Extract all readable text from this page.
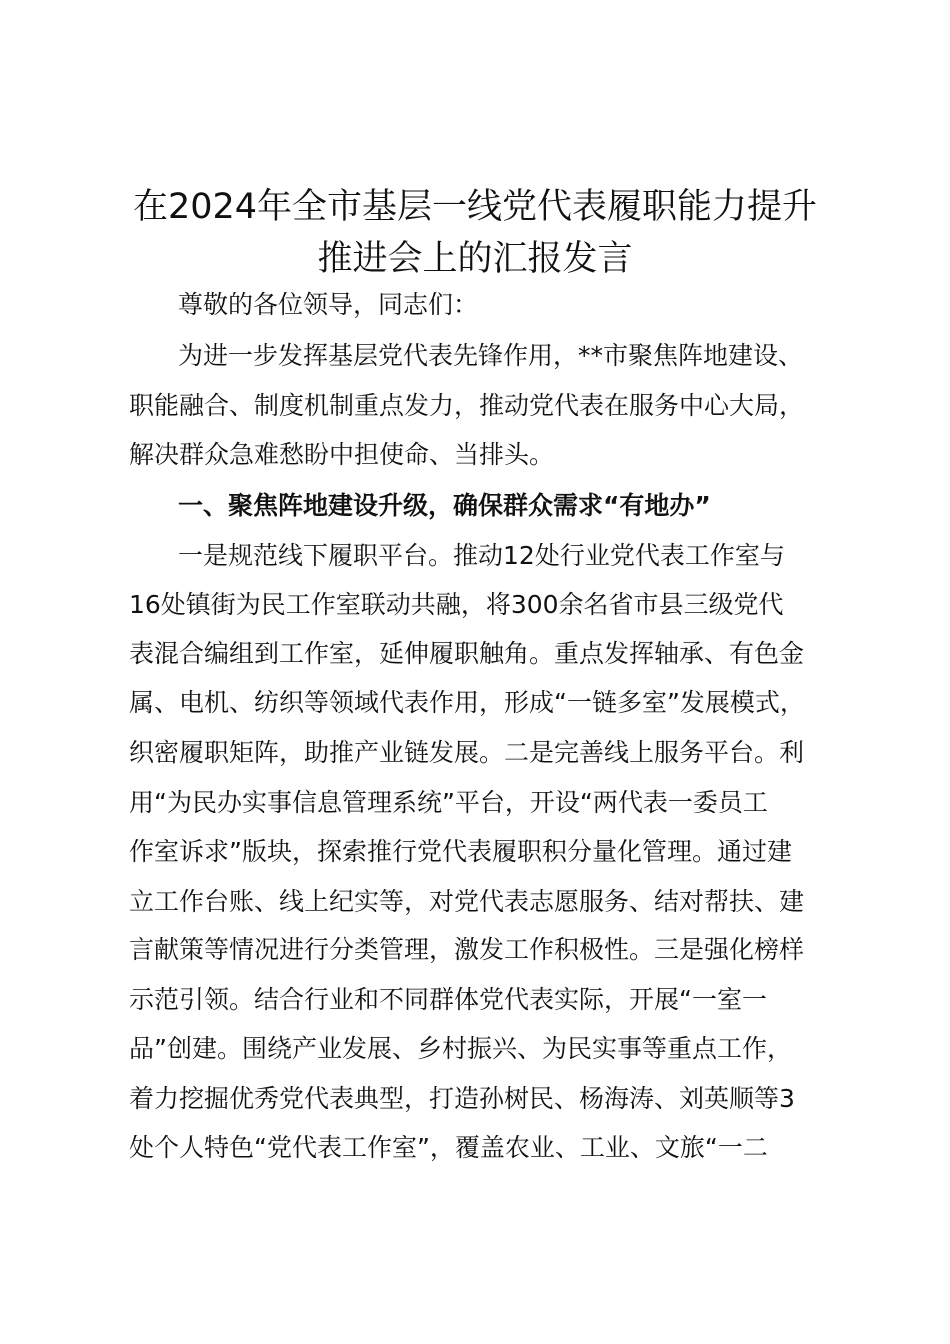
在2024年全市基层一线党代表履职能力提升
推进会上的汇报发言
尊敬的各位领导，同志们：
为进一步发挥基层党代表先锋作用，**市聚焦阵地建设、
职能融合、制度机制重点发力，推动党代表在服务中心大局，
解决群众急难愁盼中担使命、当排头。
一、聚焦阵地建设升级，确保群众需求“有地办”
一是规范线下履职平台。推动12处行业党代表工作室与
16处镇街为民工作室联动共融，将300余名省市县三级党代
表混合编组到工作室，延伸履职触角。重点发挥轴承、有色金
属、电机、纺织等领域代表作用，形成“一链多室”发展模式，
织密履职矩阵，助推产业链发展。二是完善线上服务平台。利
用“为民办实事信息管理系统”平台，开设“两代表一委员工
作室诉求”版块，探索推行党代表履职积分量化管理。通过建
立工作台账、线上纪实等，对党代表志愿服务、结对帮扶、建
言献策等情况进行分类管理，激发工作积极性。三是强化榜样
示范引领。结合行业和不同群体党代表实际，开展“一室一
品”创建。围绕产业发展、乡村振兴、为民实事等重点工作，
着力挖掘优秀党代表典型，打造孙树民、杨海涛、刘英顺等3
处个人特色“党代表工作室”，覆盖农业、工业、文旅“一二
